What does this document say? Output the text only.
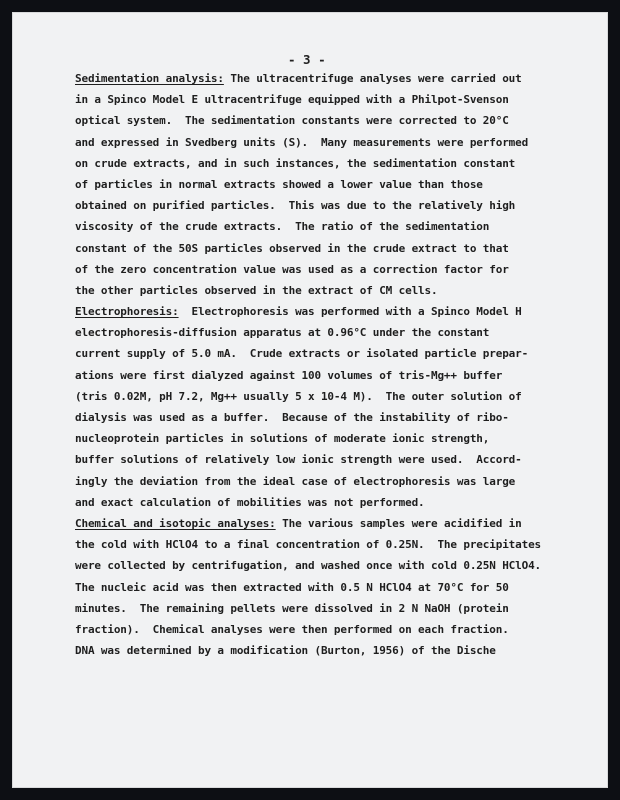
- 3 -
Sedimentation analysis: The ultracentrifuge analyses were carried out
in a Spinco Model E ultracentrifuge equipped with a Philpot-Svenson
optical system.  The sedimentation constants were corrected to 20°C
and expressed in Svedberg units (S).  Many measurements were performed
on crude extracts, and in such instances, the sedimentation constant
of particles in normal extracts showed a lower value than those
obtained on purified particles.  This was due to the relatively high
viscosity of the crude extracts.  The ratio of the sedimentation
constant of the 50S particles observed in the crude extract to that
of the zero concentration value was used as a correction factor for
the other particles observed in the extract of CM cells.
Electrophoresis:  Electrophoresis was performed with a Spinco Model H
electrophoresis-diffusion apparatus at 0.96°C under the constant
current supply of 5.0 mA.  Crude extracts or isolated particle prepar-
ations were first dialyzed against 100 volumes of tris-Mg++ buffer
(tris 0.02M, pH 7.2, Mg++ usually 5 x 10-4 M).  The outer solution of
dialysis was used as a buffer.  Because of the instability of ribo-
nucleoprotein particles in solutions of moderate ionic strength,
buffer solutions of relatively low ionic strength were used.  Accord-
ingly the deviation from the ideal case of electrophoresis was large
and exact calculation of mobilities was not performed.
Chemical and isotopic analyses: The various samples were acidified in
the cold with HClO4 to a final concentration of 0.25N.  The precipitates
were collected by centrifugation, and washed once with cold 0.25N HClO4.
The nucleic acid was then extracted with 0.5 N HClO4 at 70°C for 50
minutes.  The remaining pellets were dissolved in 2 N NaOH (protein
fraction).  Chemical analyses were then performed on each fraction.
DNA was determined by a modification (Burton, 1956) of the Dische
